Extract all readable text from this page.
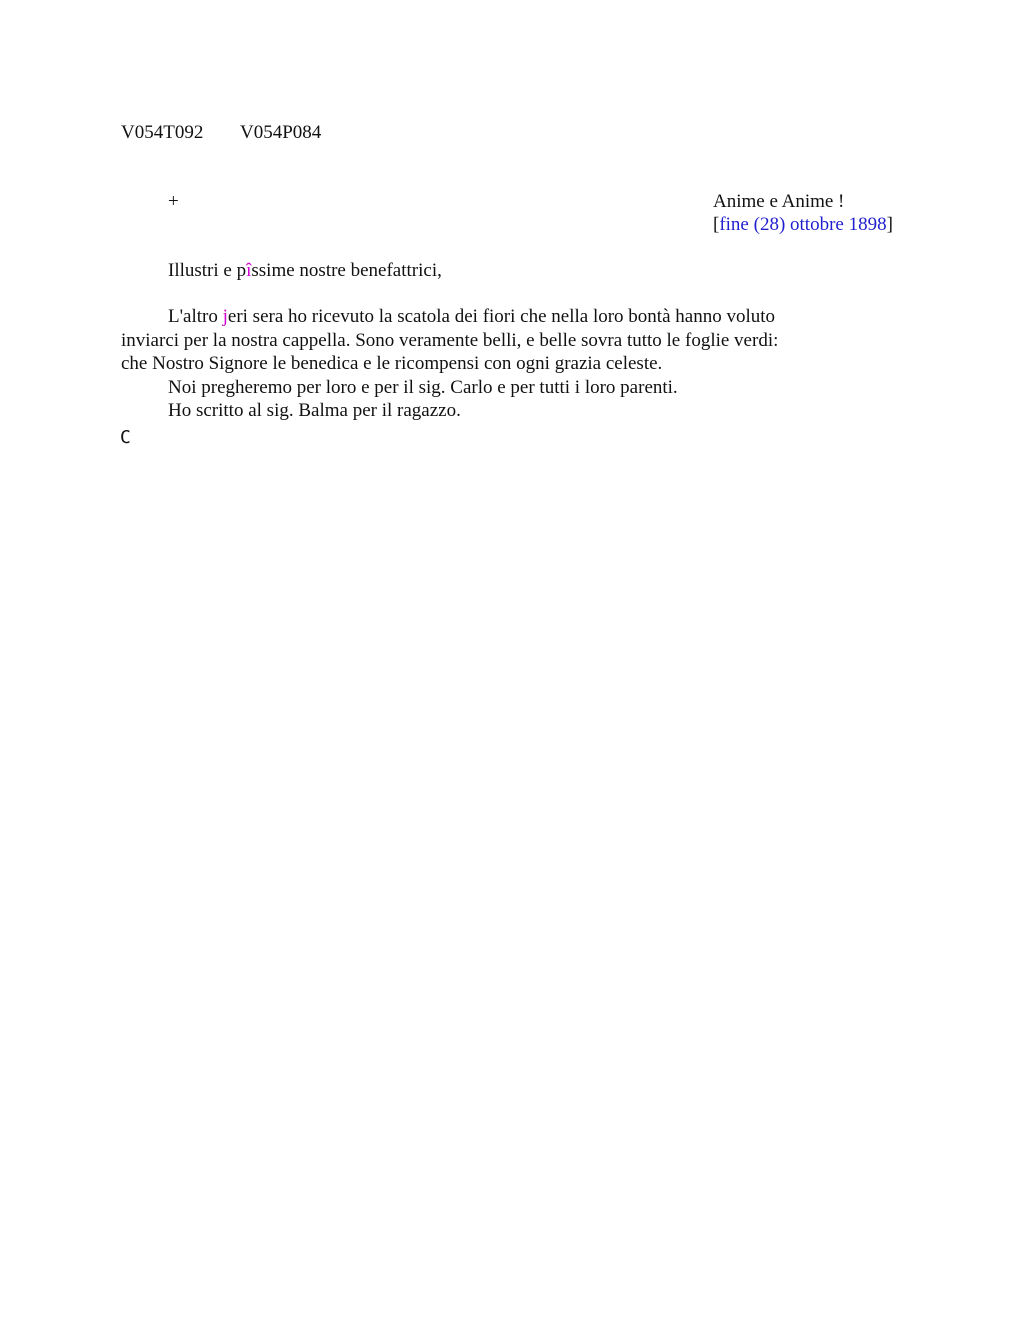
V054T092 V054P084
+	Anime e Anime !
[fine (28) ottobre 1898]
Illustri e pîssime nostre benefattrici,

L'altro jeri sera ho ricevuto la scatola dei fiori che nella loro bontà hanno voluto

inviarci per la nostra cappella. Sono veramente belli, e belle sovra tutto le foglie verdi:

che Nostro Signore le benedica e le ricompensi con ogni grazia celeste.

Noi pregheremo per loro e per il sig. Carlo e per tutti i loro parenti.

Ho scritto al sig. Balma per il ragazzo.

C
